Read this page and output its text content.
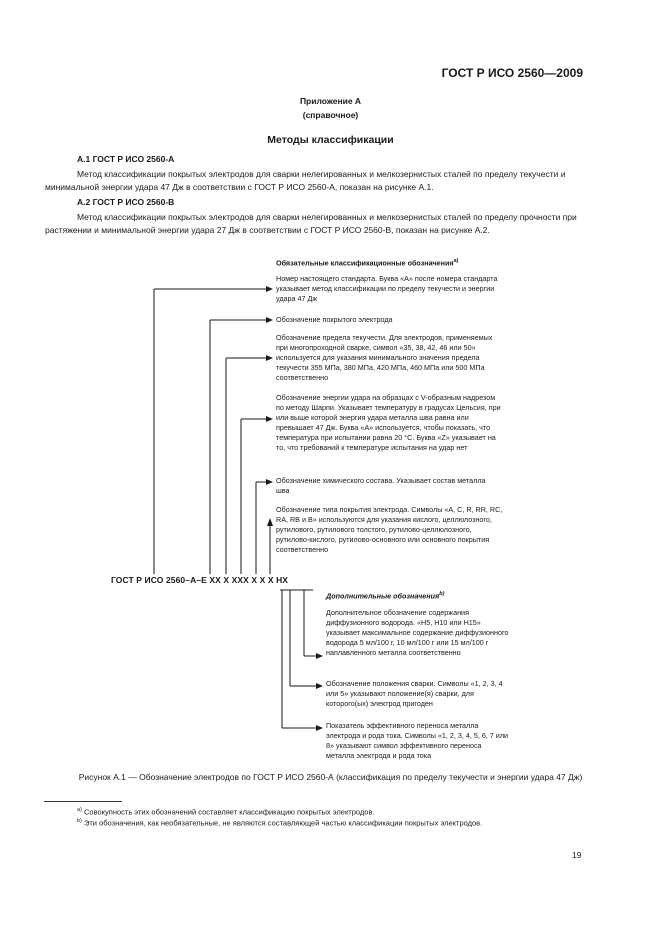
ГОСТ Р ИСО 2560—2009
Приложение А
(справочное)
Методы классификации
А.1 ГОСТ Р ИСО 2560-А
Метод классификации покрытых электродов для сварки нелегированных и мелкозернистых сталей по пределу текучести и минимальной энергии удара 47 Дж в соответствии с ГОСТ Р ИСО 2560-А, показан на рисунке А.1.
А.2 ГОСТ Р ИСО 2560-В
Метод классификации покрытых электродов для сварки нелегированных и мелкозернистых сталей по пределу прочности при растяжении и минимальной энергии удара 27 Дж в соответствии с ГОСТ Р ИСО 2560-В, показан на рисунке А.2.
Обязательные классификационные обозначения$^{a)}$
Номер настоящего стандарта. Буква «А» после номера стандарта указывает метод классификации по пределу текучести и энергии удара 47 Дж
Обозначение покрытого электрода
Обозначение предела текучести. Для электродов, применяемых при многопроходной сварке, символ «35, 38, 42, 46 или 50» используется для указания минимального значения предела текучести 355 МПа, 380 МПа, 420 МПа, 460 МПа или 500 МПа соответственно
Обозначение энергии удара на образцах с V-образным надрезом по методу Шарпи. Указывает температуру в градусах Цельсия, при или выше которой энергия удара металла шва равна или превышает 47 Дж. Буква «А» используется, чтобы показать, что температура при испытании равна 20 °С. Буква «Z» указывает на то, что требований к температуре испытания на удар нет
Обозначение химического состава. Указывает состав металла шва
Обозначение типа покрытия электрода. Символы «А, С, R, RR, RC, RA, RB и В» используются для указания кислого, целлюлозного, рутилового, рутилового толстого, рутилово-целлюлозного, рутилово-кислого, рутилово-основного или основного покрытия соответственно
ГОСТ Р ИСО 2560–А–Е XX X XXX X X X HX
Дополнительные обозначения$^{b)}$
Дополнительное обозначение содержания диффузионного водорода. «Н5, Н10 или Н15» указывает максимальное содержание диффузионного водорода 5 мл/100 г, 10 мл/100 г или 15 мл/100 г наплавленного металла соответственно
Обозначение положения сварки. Символы «1, 2, 3, 4 или 5» указывают положение(я) сварки, для которого(ых) электрод пригоден
Показатель эффективного переноса металла электрода и рода тока. Символы «1, 2, 3, 4, 5, 6, 7 или 8» указывают символ эффективного переноса металла электрода и рода тока
Рисунок А.1 — Обозначение электродов по ГОСТ Р ИСО 2560-А (классификация по пределу текучести и энергии удара 47 Дж)
$^{a)}$ Совокупность этих обозначений составляет классификацию покрытых электродов.
$^{b)}$ Эти обозначения, как необязательные, не являются составляющей частью классификации покрытых электродов.
19
